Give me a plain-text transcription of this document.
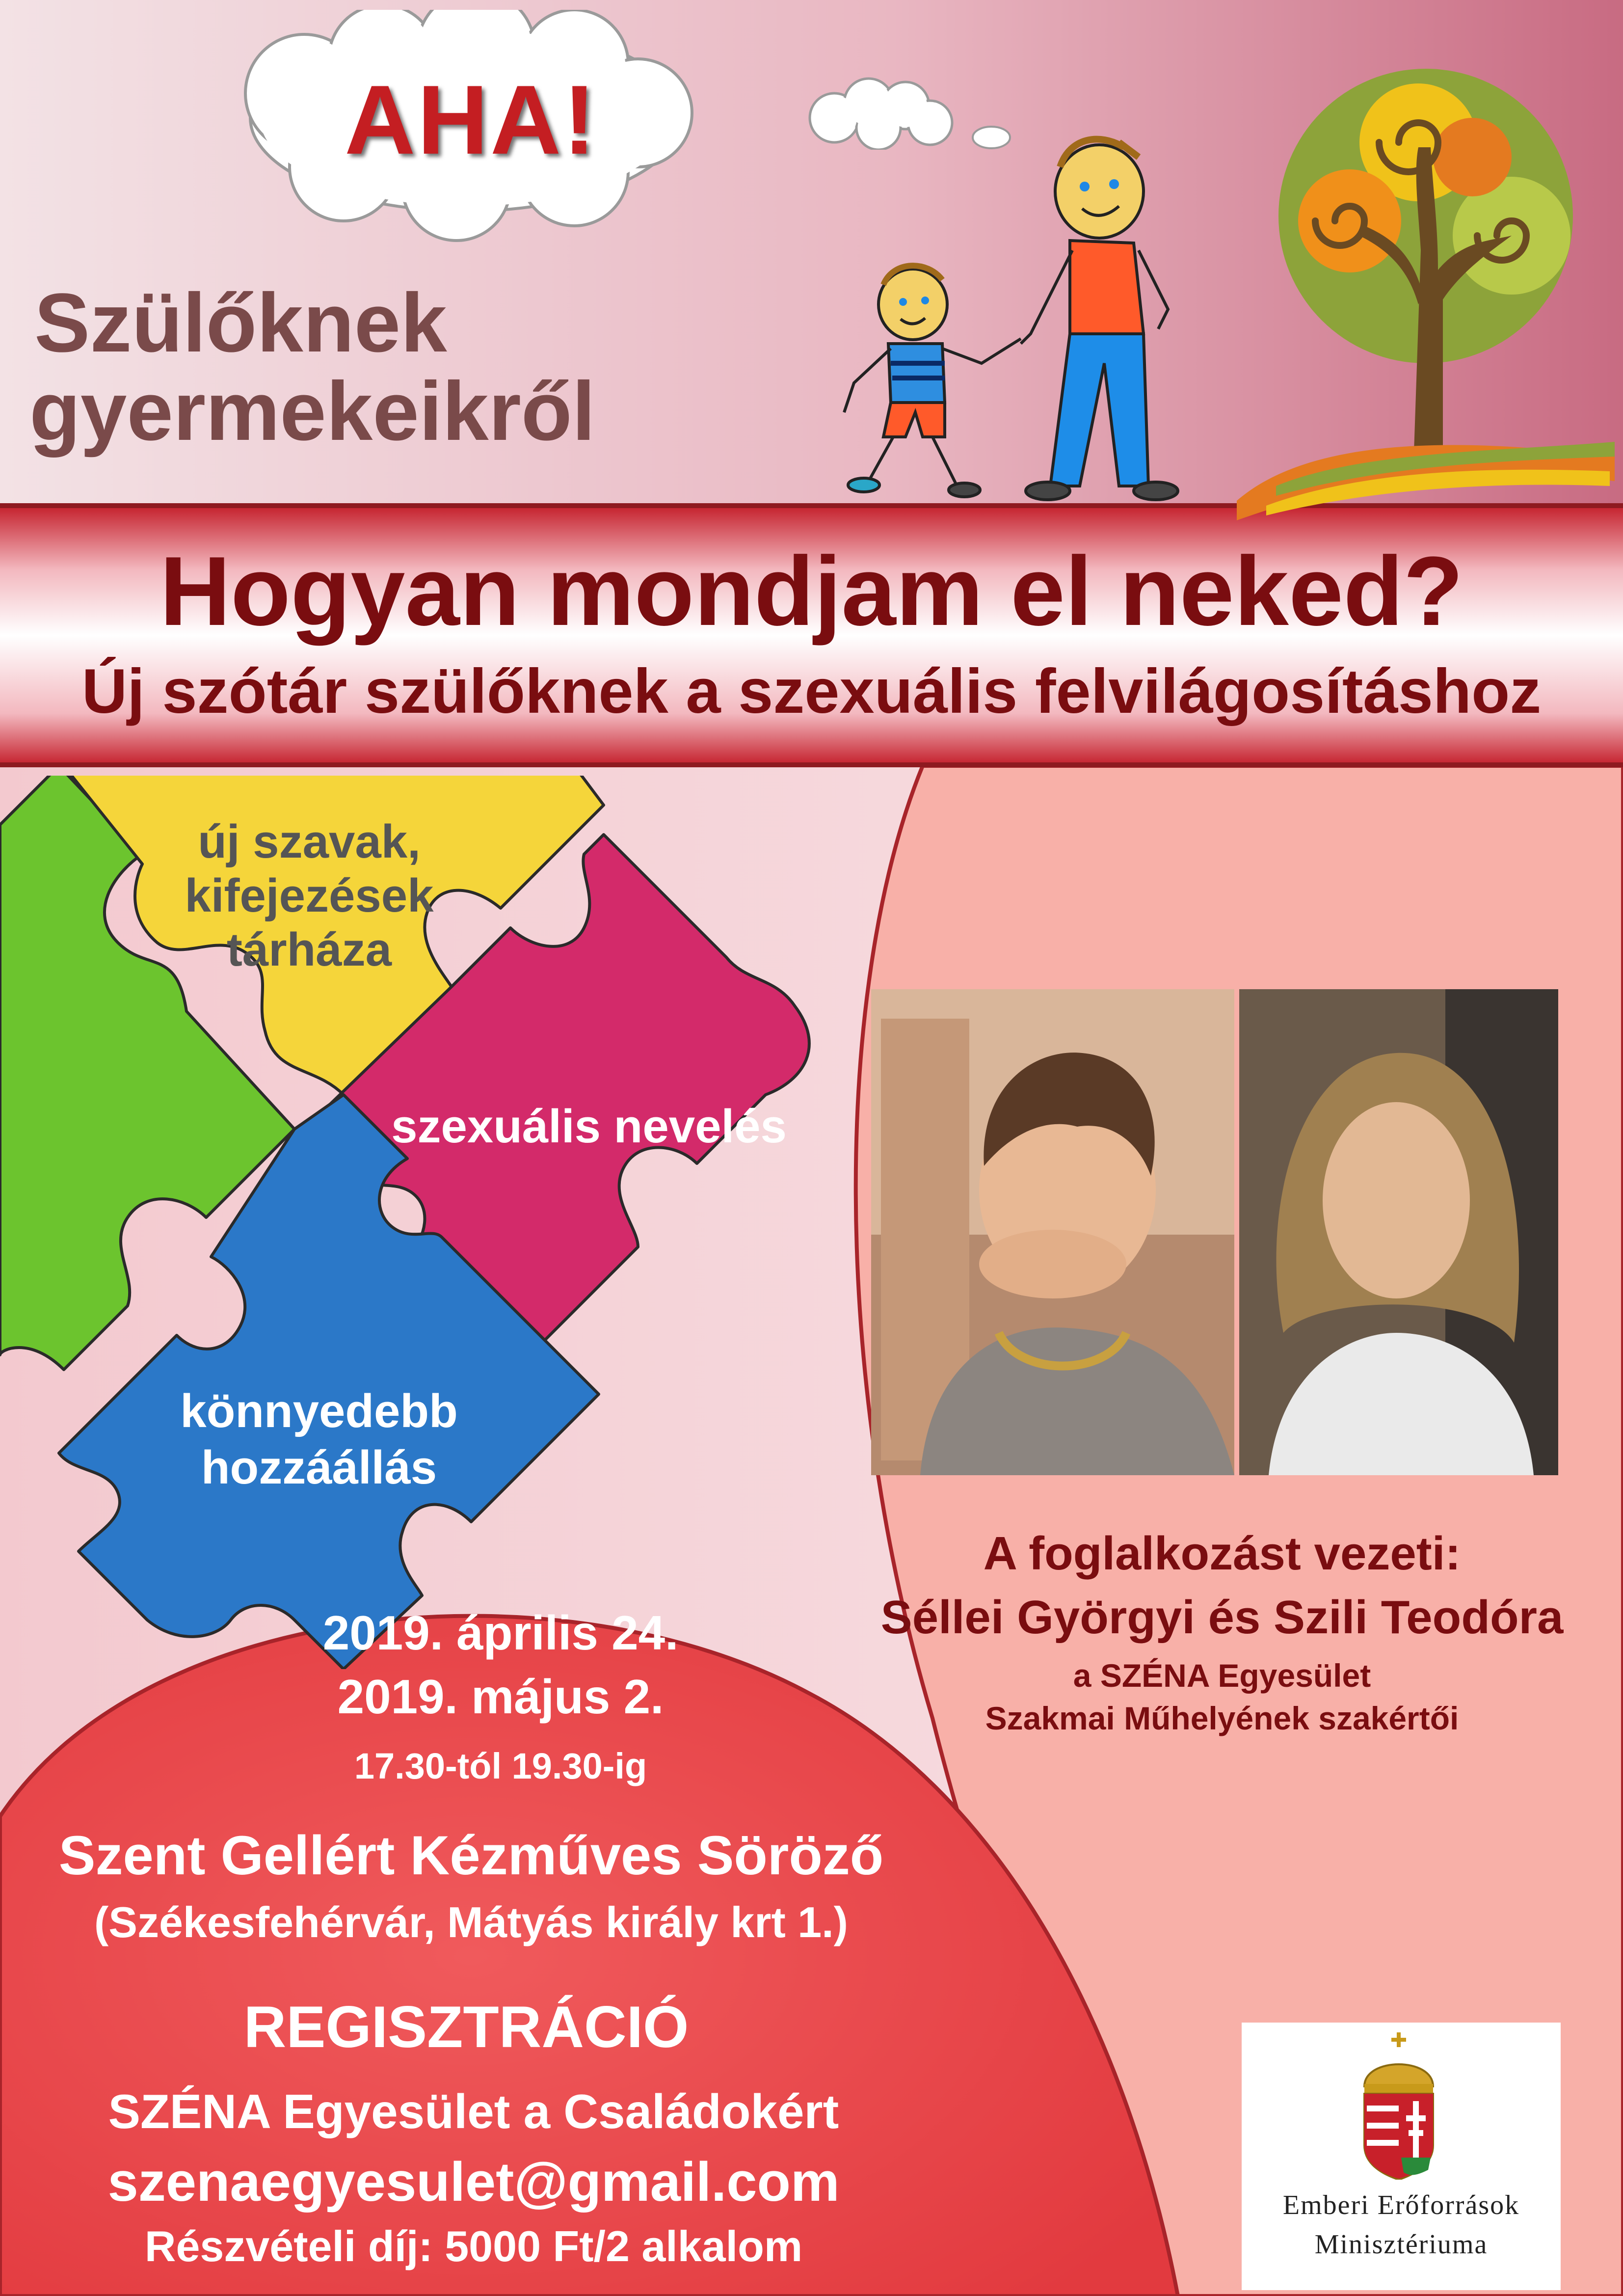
AHA!
Szülőknek
gyermekeikről
Hogyan mondjam el neked?
Új szótár szülőknek a szexuális felvilágosításhoz
új szavak,
kifejezések
tárháza
szexuális nevelés
könnyedebb
hozzáállás
A foglalkozást vezeti:
Séllei Györgyi és Szili Teodóra
a SZÉNA Egyesület
Szakmai Műhelyének szakértői
2019. április 24.
2019. május 2.
17.30-tól 19.30-ig
Szent Gellért Kézműves Söröző
(Székesfehérvár, Mátyás király krt 1.)
REGISZTRÁCIÓ
SZÉNA Egyesület a Családokért
szenaegyesulet@gmail.com
Részvételi díj: 5000 Ft/2 alkalom
Emberi Erőforrások
Minisztériuma
